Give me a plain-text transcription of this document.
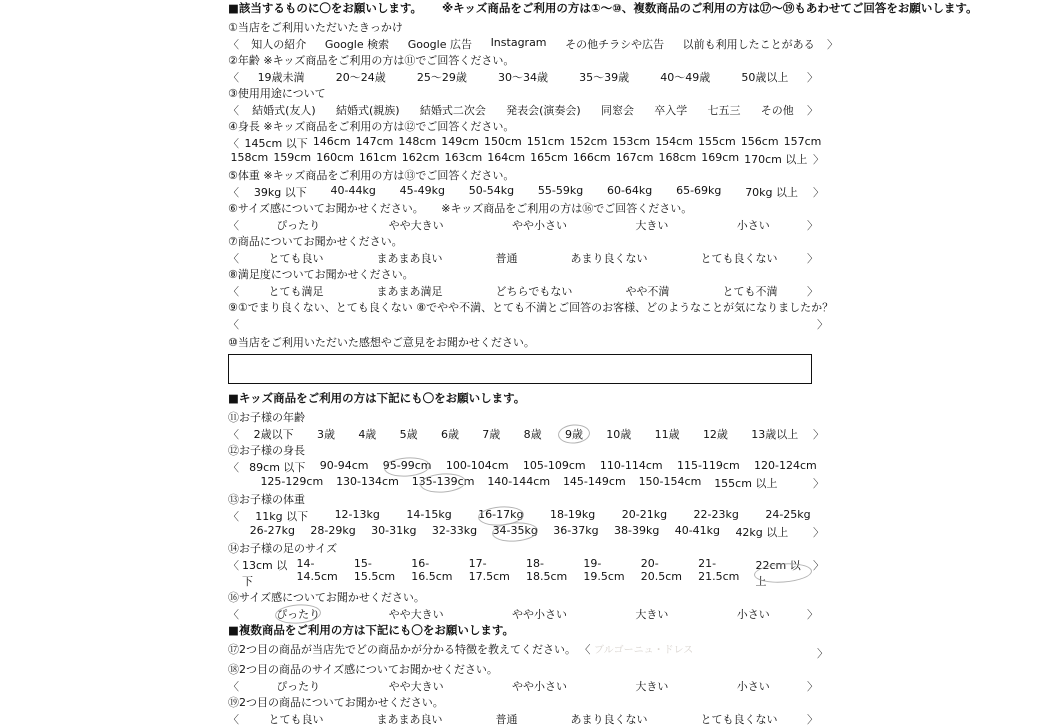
■該当するものに〇をお願いします。 ※キッズ商品をご利用の方は①〜⑩、複数商品のご利用の方は⑰〜⑲もあわせてご回答をお願いします。
①当店をご利用いただいたきっかけ
〈 知人の紹介 Google 検索 Google 広告 Instagram その他チラシや広告 以前も利用したことがある 〉
②年齢 ※キッズ商品をご利用の方は⑪でご回答ください。
〈 19歳未満	20〜24歳	25〜29歳	30〜34歳	35〜39歳	40〜49歳	50歳以上 〉
③使用用途について
〈 結婚式(友人) 結婚式(親族) 結婚式二次会 発表会(演奏会) 同窓会 卒入学 七五三 その他 〉
④身長 ※キッズ商品をご利用の方は⑫でご回答ください。
〈 145cm 以下 146cm 147cm 148cm 149cm 150cm 151cm 152cm 153cm 154cm 155cm 156cm 157cm
158cm 159cm 160cm 161cm 162cm 163cm 164cm 165cm 166cm 167cm 168cm 169cm 170cm 以上 〉
⑤体重 ※キッズ商品をご利用の方は⑬でご回答ください。
〈 39kg 以下 40-44kg 45-49kg 50-54kg 55-59kg 60-64kg 65-69kg 70kg 以上 〉
⑥サイズ感についてお聞かせください。 ※キッズ商品をご利用の方は⑯でご回答ください。
〈	ぴったり	やや大きい	やや小さい	大きい	小さい	〉
⑦商品についてお聞かせください。
〈	とても良い	まあまあ良い	普通	あまり良くない	とても良くない	〉
⑧満足度についてお聞かせください。
〈	とても満足	まあまあ満足	どちらでもない	やや不満	とても不満	〉
⑨①でまり良くない、とても良くない ⑧でやや不満、とても不満とご回答のお客様、どのようなことが気になりましたか？
〈	〉
⑩当店をご利用いただいた感想やご意見をお聞かせください。
■キッズ商品をご利用の方は下記にも〇をお願いします。
⑪お子様の年齢
〈 2歳以下 3歳 4歳 5歳 6歳 7歳 8歳 9歳 10歳 11歳 12歳 13歳以上 〉
⑫お子様の身長
〈 89cm 以下 90-94cm 95-99cm 100-104cm 105-109cm 110-114cm 115-119cm 120-124cm
125-129cm 130-134cm 135-139cm 140-144cm 145-149cm 150-154cm 155cm 以上	〉
⑬お子様の体重
〈 11kg 以下 12-13kg 14-15kg 16-17kg 18-19kg 20-21kg 22-23kg 24-25kg
26-27kg 28-29kg 30-31kg 32-33kg 34-35kg 36-37kg 38-39kg 40-41kg 42kg 以上 〉
⑭お子様の足のサイズ
〈 13cm 以下
14-14.5cm
15-15.5cm
16-16.5cm
17-17.5cm
18-18.5cm
19-19.5cm
20-20.5cm
21-21.5cm
22cm 以上
〉
⑯サイズ感についてお聞かせください。
〈	ぴったり	やや大きい	やや小さい	大きい	小さい	〉
■複数商品をご利用の方は下記にも〇をお願いします。
⑰2つ目の商品が当店先でどの商品かが分かる特徴を教えてください。 〈 ブルゴーニュ・ドレス	〉
⑱2つ目の商品のサイズ感についてお聞かせください。
〈	ぴったり	やや大きい	やや小さい	大きい	小さい	〉
⑲2つ目の商品についてお聞かせください。
〈	とても良い	まあまあ良い	普通	あまり良くない	とても良くない	〉
